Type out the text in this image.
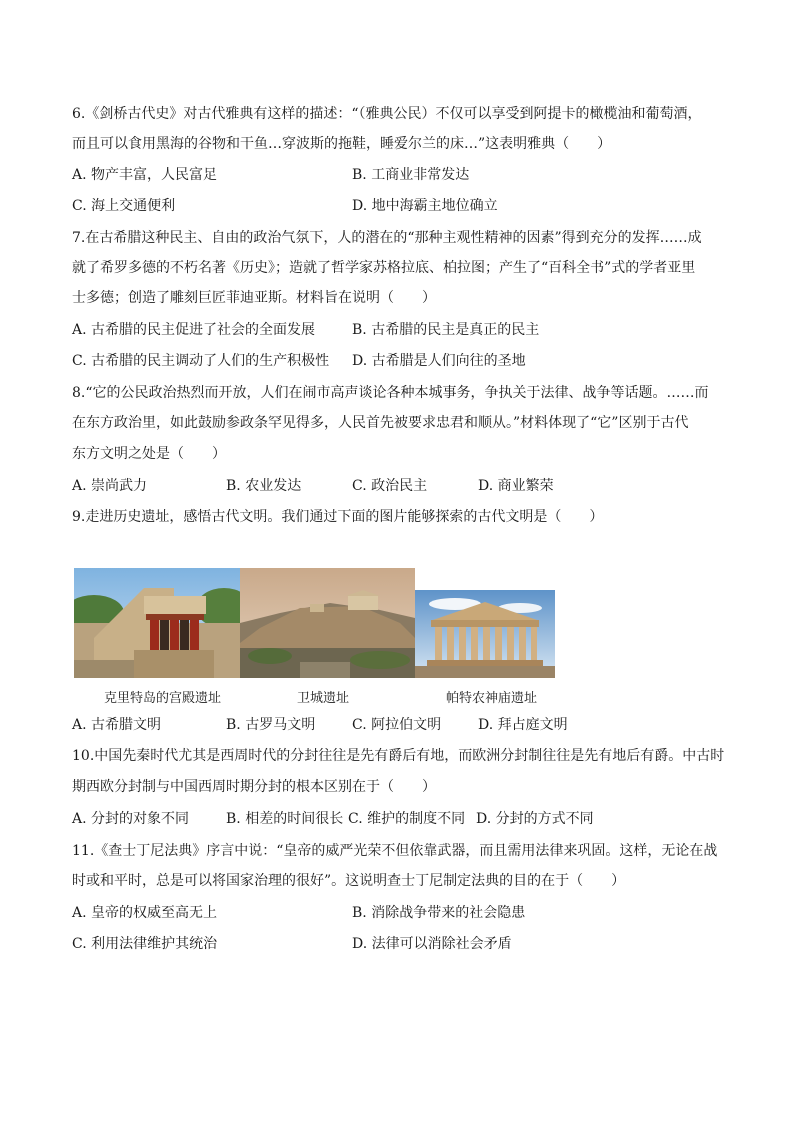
6.《剑桥古代史》对古代雅典有这样的描述：“（雅典公民）不仅可以享受到阿提卡的橄榄油和葡萄酒，
而且可以食用黑海的谷物和干鱼…穿波斯的拖鞋，睡爱尔兰的床…”这表明雅典（　　）
A. 物产丰富，人民富足	B. 工商业非常发达
C. 海上交通便利	D. 地中海霸主地位确立
7.在古希腊这种民主、自由的政治气氛下，人的潜在的“那种主观性精神的因素”得到充分的发挥……成
就了希罗多德的不朽名著《历史》；造就了哲学家苏格拉底、柏拉图；产生了“百科全书”式的学者亚里
士多德；创造了雕刻巨匠菲迪亚斯。材料旨在说明（　　）
A. 古希腊的民主促进了社会的全面发展	B. 古希腊的民主是真正的民主
C. 古希腊的民主调动了人们的生产积极性 D. 古希腊是人们向往的圣地
8.“它的公民政治热烈而开放，人们在闹市高声谈论各种本城事务，争执关于法律、战争等话题。……而
在东方政治里，如此鼓励参政条罕见得多，人民首先被要求忠君和顺从。”材料体现了“它”区别于古代
东方文明之处是（　　）
A. 崇尚武力	B. 农业发达	C. 政治民主	D. 商业繁荣
9.走进历史遗址，感悟古代文明。我们通过下面的图片能够探索的古代文明是（　　）
克里特岛的宫殿遗址	卫城遗址	帕特农神庙遗址
A. 古希腊文明	B. 古罗马文明	C. 阿拉伯文明	D. 拜占庭文明
10.中国先秦时代尤其是西周时代的分封往往是先有爵后有地，而欧洲分封制往往是先有地后有爵。中古时
期西欧分封制与中国西周时期分封的根本区别在于（　　）
A. 分封的对象不同	B. 相差的时间很长 C. 维护的制度不同 D. 分封的方式不同
11.《查士丁尼法典》序言中说：“皇帝的威严光荣不但依靠武器，而且需用法律来巩固。这样，无论在战
时或和平时，总是可以将国家治理的很好”。这说明查士丁尼制定法典的目的在于（　　）
A. 皇帝的权威至高无上	B. 消除战争带来的社会隐患
C. 利用法律维护其统治	D. 法律可以消除社会矛盾
